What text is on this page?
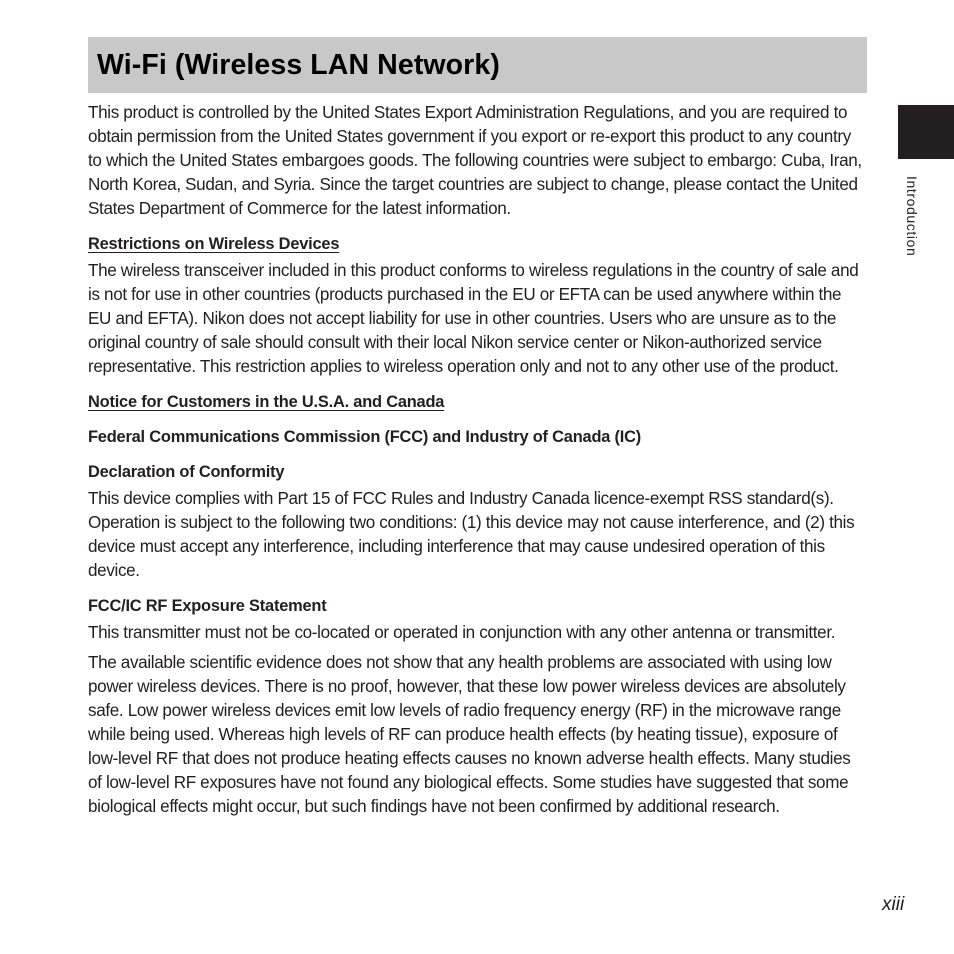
Wi-Fi (Wireless LAN Network)
Introduction

This product is controlled by the United States Export Administration Regulations, and you are required to obtain permission from the United States government if you export or re-export this product to any country to which the United States embargoes goods. The following countries were subject to embargo: Cuba, Iran, North Korea, Sudan, and Syria. Since the target countries are subject to change, please contact the United States Department of Commerce for the latest information.

Restrictions on Wireless Devices

The wireless transceiver included in this product conforms to wireless regulations in the country of sale and is not for use in other countries (products purchased in the EU or EFTA can be used anywhere within the EU and EFTA). Nikon does not accept liability for use in other countries. Users who are unsure as to the original country of sale should consult with their local Nikon service center or Nikon-authorized service representative. This restriction applies to wireless operation only and not to any other use of the product.

Notice for Customers in the U.S.A. and Canada
Federal Communications Commission (FCC) and Industry of Canada (IC)
Declaration of Conformity

This device complies with Part 15 of FCC Rules and Industry Canada licence-exempt RSS standard(s). Operation is subject to the following two conditions: (1) this device may not cause interference, and (2) this device must accept any interference, including interference that may cause undesired operation of this device.

FCC/IC RF Exposure Statement

This transmitter must not be co-located or operated in conjunction with any other antenna or transmitter.

The available scientific evidence does not show that any health problems are associated with using low power wireless devices. There is no proof, however, that these low power wireless devices are absolutely safe. Low power wireless devices emit low levels of radio frequency energy (RF) in the microwave range while being used. Whereas high levels of RF can produce health effects (by heating tissue), exposure of low-level RF that does not produce heating effects causes no known adverse health effects. Many studies of low-level RF exposures have not found any biological effects. Some studies have suggested that some biological effects might occur, but such findings have not been confirmed by additional research.

xiii
